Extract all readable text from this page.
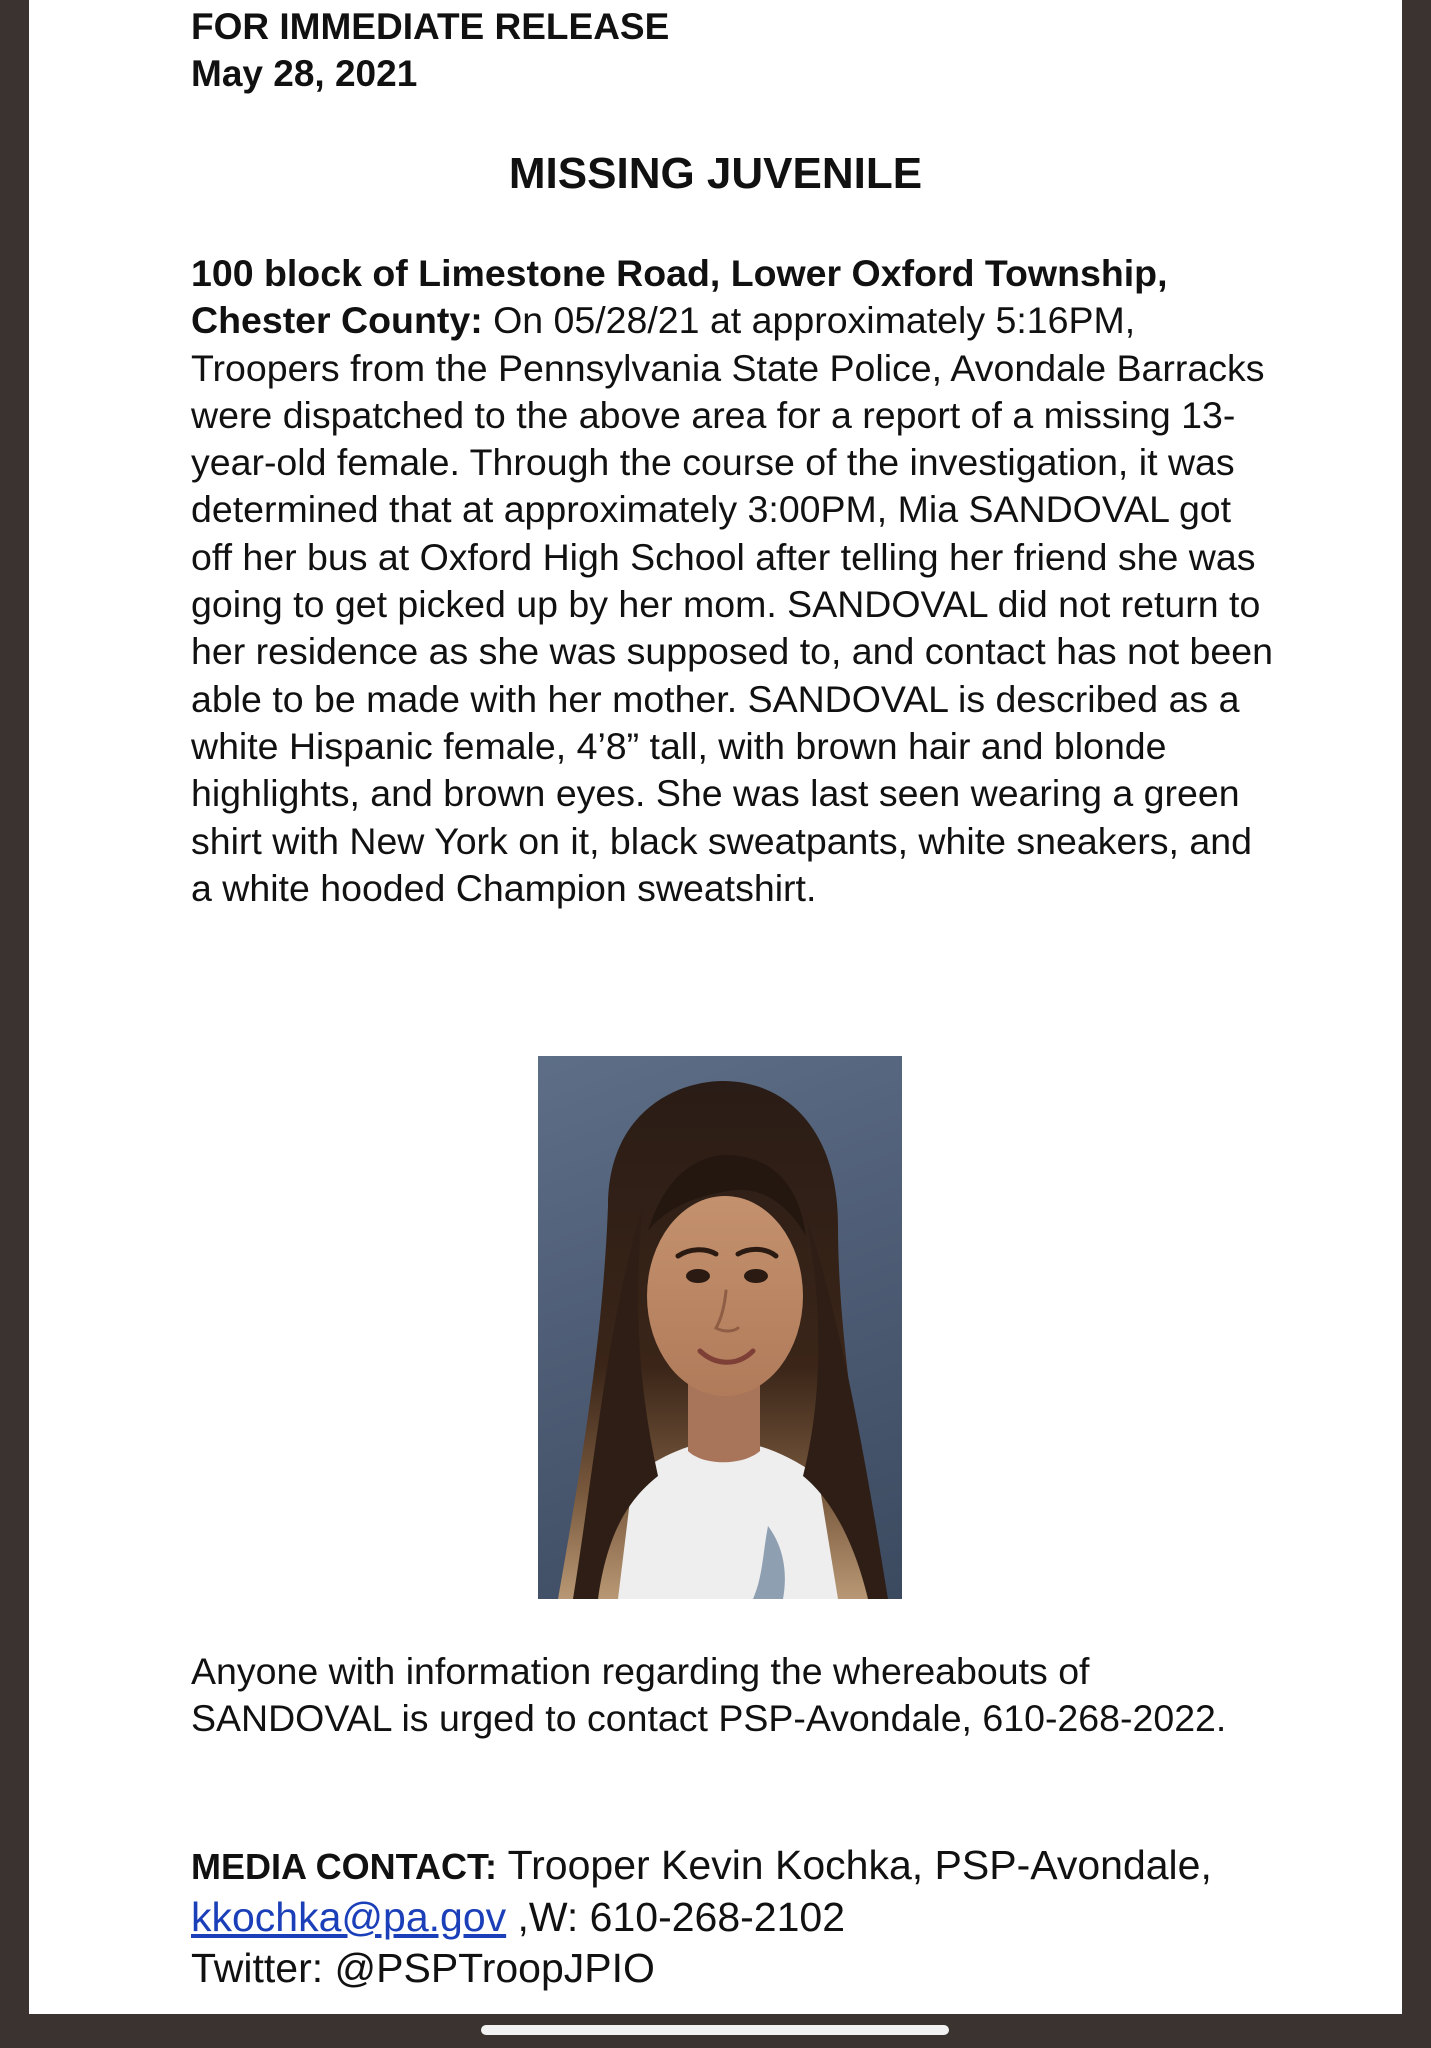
FOR IMMEDIATE RELEASE
May 28, 2021
MISSING JUVENILE
100 block of Limestone Road, Lower Oxford Township, Chester County: On 05/28/21 at approximately 5:16PM, Troopers from the Pennsylvania State Police, Avondale Barracks were dispatched to the above area for a report of a missing 13-year-old female. Through the course of the investigation, it was determined that at approximately 3:00PM, Mia SANDOVAL got off her bus at Oxford High School after telling her friend she was going to get picked up by her mom. SANDOVAL did not return to her residence as she was supposed to, and contact has not been able to be made with her mother. SANDOVAL is described as a white Hispanic female, 4’8” tall, with brown hair and blonde highlights, and brown eyes. She was last seen wearing a green shirt with New York on it, black sweatpants, white sneakers, and a white hooded Champion sweatshirt.
Anyone with information regarding the whereabouts of SANDOVAL is urged to contact PSP-Avondale, 610-268-2022.
MEDIA CONTACT: Trooper Kevin Kochka, PSP-Avondale, kkochka@pa.gov ,W: 610-268-2102
Twitter: @PSPTroopJPIO
